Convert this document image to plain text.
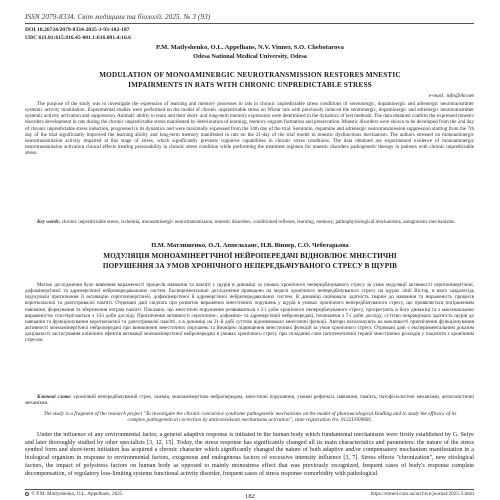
ISSN 2079-8334. Світ медицини та біології. 2025. № 3 (93)
DOI 10.26724/2079-8334-2025-3-93-182-187
UDC 611.81:615.816.45-001.1:616.001.4:16.6
P.M. Matlyshenko, O.L. Appelhans, N.V. Vinner, S.O. Chebotarova
Odesa National Medical University, Odesa
MODULATION OF MONOAMINERGIC NEUROTRANSMISSION RESTORES MNESTIC
IMPAIRMENTS IN RATS WITH CHRONIC UNPREDICTABLE STRESS
e-mail: info@ikr.net
The purpose of the study was to investigate the expression of learning and memory processes in rats in chronic unpredictable stress conditions of serotonergic, dopaminergic and adrenergic neurotransmitter systemic activity modulation. Experimental studies were performed on the model of chronic unpredictable stress on Wistar rats with previously induced the serotonergic, dopaminergic and adrenergic neurotransmitter systemic activity activation and suppression. Animals' ability to learn and their short- and long-term memory expression were determined in the dynamics of test methods. The data obtained confirm the expressed mnestic disorders development in rats during the chronic unpredictable stress manifested by deterioration of learning, memory engram formation and preservation. Mnestic disorders were shown to be developed from the 2nd day of chronic unpredictable stress induction, progressed in its dynamics and were maximally expressed from the 14th day of the trial. Serotonin, dopamine and adrenergic neurotransmission suppression starting from the 7th day of the trial significantly improved the learning ability and long-term memory manifested in rats on the 21-day of the trial model in mnestic dysfunctions mechanism. The authors stressed on monoaminergic neurotransmission activity impaired at this stage of stress, which significantly prevents cognitive capabilities in chronic stress conditions. The data obtained are experimental evidence of monoaminergic neurotransmission activation clinical effects treating personability in chronic stress condition while preforming the treatment regimen for mnestic disorders pathogenetic therapy in patients with chronic unpredictable stress.
Key words: chronic unpredictable stress, ischemia, monoaminergic neurotransmission, mnestic disorders, conditioned reflexes, learning, memory, pathophysiological mechanisms, antagonistic mechanisms.
П.М. Матлишенко, О.Л. Аппельханс, Н.В. Віннер, С.О. Чеботарьова
МОДУЛЯЦІЯ МОНОАМІНЕРГІЧНОЇ НЕЙРОПЕРЕДАЧІ ВІДНОВЛЮЄ МНЕСТИЧНІ
ПОРУШЕННЯ ЗА УМОВ ХРОНІЧНОГО НЕПЕРЕДБАЧУВАНОГО СТРЕСУ В ЩУРІВ
Метою дослідження було вивчення вираженості процесів навчання та пам'яті у щурів в динаміці за умовах хронічного непередбачуваного стресу за умов модуляції активності серотонінергічної, дофамінергічної та адренергічної нейропередавальних систем. Експериментальні дослідження проведено на моделі хронічного непередбачуваного стресу на щурах лінії Вістар, в яких заздалегідь індукували пригнічення й активацію серотонінергічної, дофамінергічної й адренергічної нейропередавальних систем. В динаміці оцінювали здатність тварин до навчання та вираженість процесів короткочасної та довготривалої пам'яті. Отримані дані свідчать про розвиток виражених мнестичних порушень у щурів в умовах хронічного непередбачуваного стресу, що проявляється погіршенням навчання, формування та збереження енграм пам'яті. Показано, що мнестичні порушення розвиваються з 2-ї доби хронічного непередбачуваного стресу, прогресують в його динаміці та з максимальною вираженістю спостерігаються з 14-ї доби досліду. Пригнічення активності серотоніно-, дофаміно- та адренергічної нейропередачі, починаючи з 7-ї доби досліду, суттєво покращувало здатність щурів до навчання та функціонування короткочасної та довготривалої пам'яті, а в динаміці на 21-й добі суттєво відновлювало мнестичні функції. Автори наголошують на важливості пригнічення функціонування активності моноамінергічної нейропередачі при виникненні мнестичних порушень та ймовірно підвищення мнестичних функцій за умов хронічного стресу. Отримані дані є експериментальним доказом доцільності застосування клінічних ефектів активації моноамінергічної нейропередачі в умовах хронічного стресу при складанні схем патогенетичної терапії мнестичних розладів у пацієнтів з хронічним стресом.
Ключові слова: хронічний непередбачуваний стрес, ішемія, моноамінергічна нейропередача, мнестичні порушення, умовні рефлекси, навчання, пам'ять, патофізіологічні механізми, антагоністичні механізми.
The study is a fragment of the research project "To investigate the chronic convulsive syndrome pathogenetic mechanisms on the model of pharmacological kindling and to study the efficacy of its complex pathogenetical correction by anticonvulsant mechanisms activation", state registration No. 0122U000681.
Under the influence of any environmental factor, a general adaptive response is initiated in the human body which fundamental mechanisms were firstly established by G. Selye and later thoroughly studied by other specialists [3, 12, 15]. Today, the stress response has significantly changed all its main characteristics and parameters: the nature of the stress symbol form and short-term initiation has acquired a chronic character which significantly changed the nature of both adaptive and/or compensatory mechanism manifestation in a biological organism in response to environmental factors, exogenous and endogenous factors of excessive intensity influence [3, 7]. Stress effects "chronization", new etiological factors, the impact of polystress factors on human body as opposed to mainly monostress effect that was previously recognized, frequent cases of body's response complete decompensation, of regulatory loss-limiting systems functional activity disorder, frequent cases of stress response comorbidity with pathological
© P.M. Matlyshenko, O.L. Appelhans, 2025	https://elmed.com.ua/archive/journal/2025-3.html
182
